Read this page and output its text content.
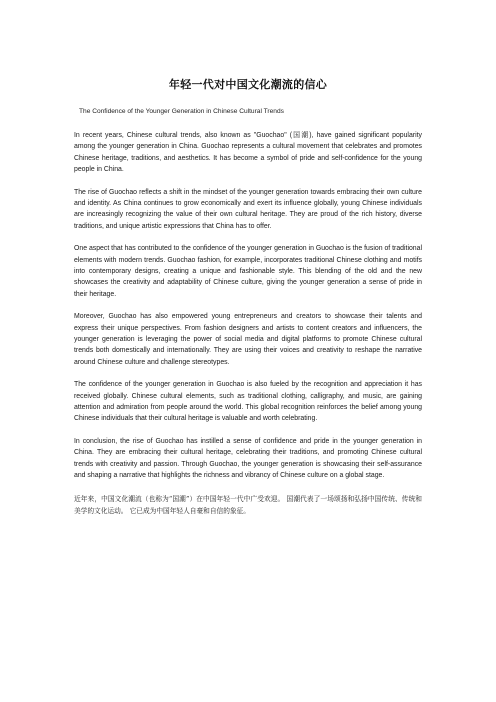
年轻一代对中国文化潮流的信心
The Confidence of the Younger Generation in Chinese Cultural Trends

In recent years, Chinese cultural trends, also known as "Guochao" (国潮), have gained significant popularity among the younger generation in China. Guochao represents a cultural movement that celebrates and promotes Chinese heritage, traditions, and aesthetics. It has become a symbol of pride and self-confidence for the young people in China.

The rise of Guochao reflects a shift in the mindset of the younger generation towards embracing their own culture and identity. As China continues to grow economically and exert its influence globally, young Chinese individuals are increasingly recognizing the value of their own cultural heritage. They are proud of the rich history, diverse traditions, and unique artistic expressions that China has to offer.

One aspect that has contributed to the confidence of the younger generation in Guochao is the fusion of traditional elements with modern trends. Guochao fashion, for example, incorporates traditional Chinese clothing and motifs into contemporary designs, creating a unique and fashionable style. This blending of the old and the new showcases the creativity and adaptability of Chinese culture, giving the younger generation a sense of pride in their heritage.

Moreover, Guochao has also empowered young entrepreneurs and creators to showcase their talents and express their unique perspectives. From fashion designers and artists to content creators and influencers, the younger generation is leveraging the power of social media and digital platforms to promote Chinese cultural trends both domestically and internationally. They are using their voices and creativity to reshape the narrative around Chinese culture and challenge stereotypes.

The confidence of the younger generation in Guochao is also fueled by the recognition and appreciation it has received globally. Chinese cultural elements, such as traditional clothing, calligraphy, and music, are gaining attention and admiration from people around the world. This global recognition reinforces the belief among young Chinese individuals that their cultural heritage is valuable and worth celebrating.

In conclusion, the rise of Guochao has instilled a sense of confidence and pride in the younger generation in China. They are embracing their cultural heritage, celebrating their traditions, and promoting Chinese cultural trends with creativity and passion. Through Guochao, the younger generation is showcasing their self-assurance and shaping a narrative that highlights the richness and vibrancy of Chinese culture on a global stage.

近年来，中国文化潮流（也称为“国潮”）在中国年轻一代中广受欢迎。 国潮代表了一场颂扬和弘扬中国传统、传统和美学的文化运动。 它已成为中国年轻人自豪和自信的象征。
